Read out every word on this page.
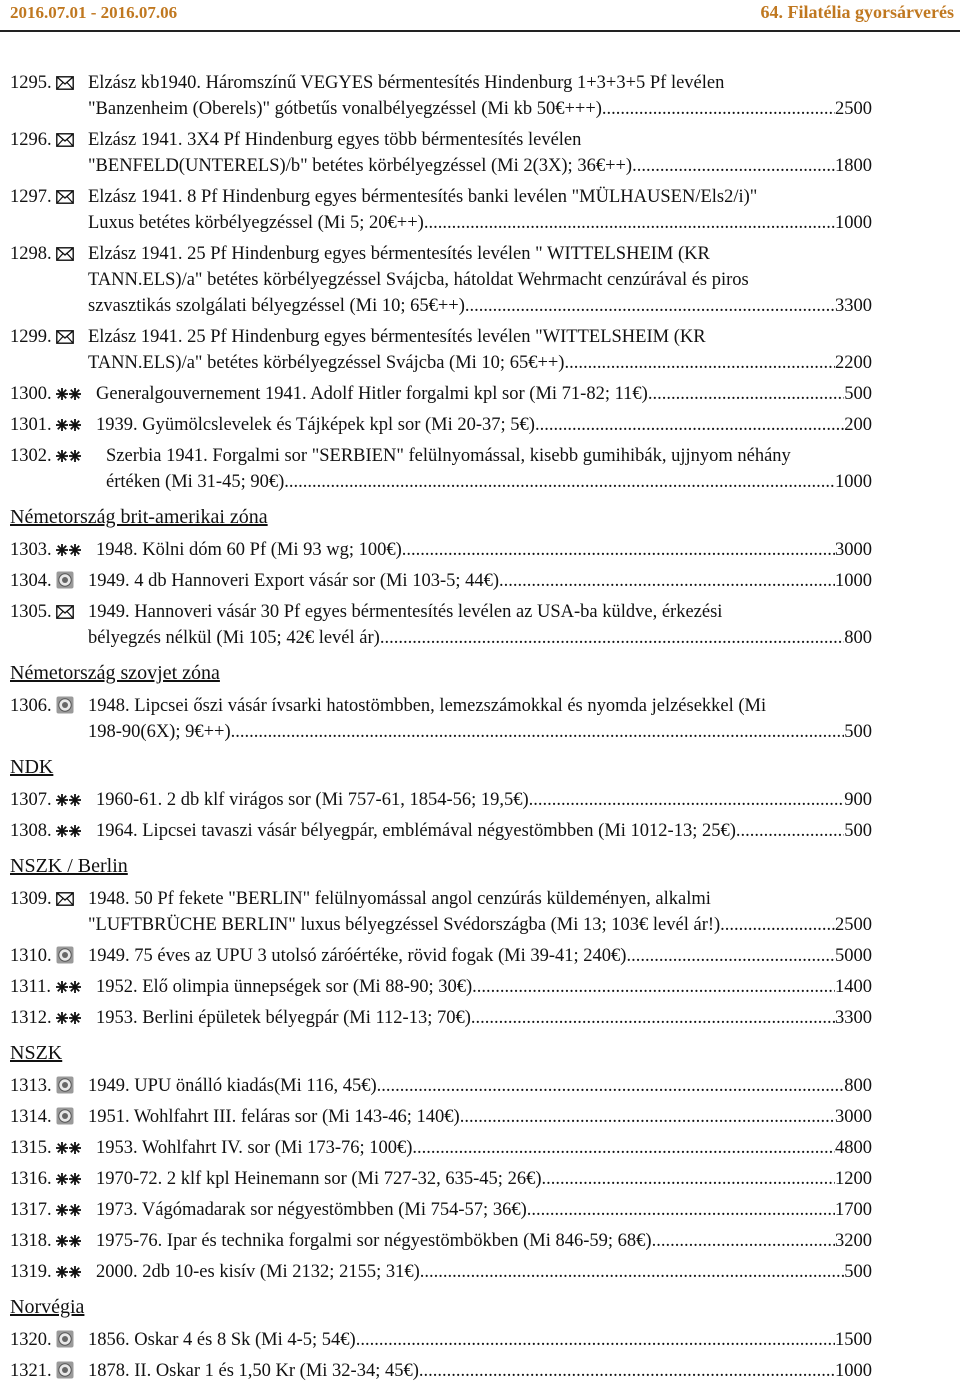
2016.07.01 - 2016.07.06	64. Filatélia gyorsárverés
1295.	Elzász kb1940. Háromszínű VEGYES bérmentesítés Hindenburg 1+3+3+5 Pf levélen
"Banzenheim (Oberels)" gótbetűs vonalbélyegzéssel (Mi kb 50€+++) .....	2500
1296.	Elzász 1941. 3X4 Pf Hindenburg egyes több bérmentesítés levélen
"BENFELD(UNTERELS)/b" betétes körbélyegzéssel (Mi 2(3X); 36€++) .....	1800
1297.	Elzász 1941. 8 Pf Hindenburg egyes bérmentesítés banki levélen "MÜLHAUSEN/Els2/i)"
Luxus betétes körbélyegzéssel (Mi 5; 20€++) .....	1000
1298.	Elzász 1941. 25 Pf Hindenburg egyes bérmentesítés levélen " WITTELSHEIM (KR
TANN.ELS)/a" betétes körbélyegzéssel Svájcba, hátoldat Wehrmacht cenzúrával és piros
szvasztikás szolgálati bélyegzéssel (Mi 10; 65€++) .....	3300
1299.	Elzász 1941. 25 Pf Hindenburg egyes bérmentesítés levélen "WITTELSHEIM (KR
TANN.ELS)/a" betétes körbélyegzéssel Svájcba (Mi 10; 65€++) .....	2200
1300.	Generalgouvernement 1941. Adolf Hitler forgalmi kpl sor (Mi 71-82; 11€) .....	500
1301.	1939. Gyümölcslevelek és Tájképek kpl sor (Mi 20-37; 5€) .....	200
1302.	Szerbia 1941. Forgalmi sor "SERBIEN" felülnyomással, kisebb gumihibák, ujjnyom néhány
értéken (Mi 31-45; 90€) .....	1000
Németország brit-amerikai zóna
1303.	1948. Kölni dóm 60 Pf (Mi 93 wg; 100€) .....	3000
1304.	1949. 4 db Hannoveri Export vásár sor (Mi 103-5; 44€) .....	1000
1305.	1949. Hannoveri vásár 30 Pf egyes bérmentesítés levélen az USA-ba küldve, érkezési
bélyegzés nélkül (Mi 105; 42€ levél ár) .....	800
Németország szovjet zóna
1306.	1948. Lipcsei őszi vásár ívsarki hatostömbben, lemezszámokkal és nyomda jelzésekkel (Mi
198-90(6X); 9€++) .....	500
NDK
1307.	1960-61. 2 db klf virágos sor (Mi 757-61, 1854-56; 19,5€) .....	900
1308.	1964. Lipcsei tavaszi vásár bélyegpár, emblémával négyestömbben (Mi 1012-13; 25€) .....	500
NSZK / Berlin
1309.	1948. 50 Pf fekete "BERLIN" felülnyomással angol cenzúrás küldeményen, alkalmi
"LUFTBRÜCHE BERLIN" luxus bélyegzéssel Svédországba (Mi 13; 103€ levél ár!) .....	2500
1310.	1949. 75 éves az UPU 3 utolsó záróértéke, rövid fogak (Mi 39-41; 240€) .....	5000
1311.	1952. Elő olimpia ünnepségek sor (Mi 88-90; 30€) .....	1400
1312.	1953. Berlini épületek bélyegpár (Mi 112-13; 70€) .....	3300
NSZK
1313.	1949. UPU önálló kiadás(Mi 116, 45€) .....	800
1314.	1951. Wohlfahrt III. feláras sor (Mi 143-46; 140€) .....	3000
1315.	1953. Wohlfahrt IV. sor (Mi 173-76; 100€) .....	4800
1316.	1970-72. 2 klf kpl Heinemann sor (Mi 727-32, 635-45; 26€) .....	1200
1317.	1973. Vágómadarak sor négyestömbben (Mi 754-57; 36€) .....	1700
1318.	1975-76. Ipar és technika forgalmi sor négyestömbökben (Mi 846-59; 68€) .....	3200
1319.	2000. 2db 10-es kisív (Mi 2132; 2155; 31€) .....	500
Norvégia
1320.	1856. Oskar 4 és 8 Sk (Mi 4-5; 54€) .....	1500
1321.	1878. II. Oskar 1 és 1,50 Kr (Mi 32-34; 45€) .....	1000
